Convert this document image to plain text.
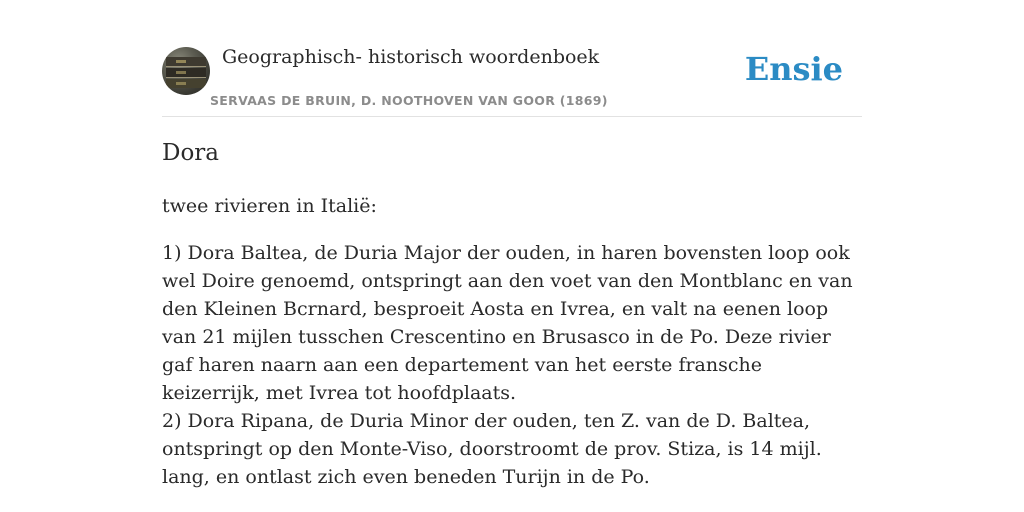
Geographisch- historisch woordenboek
SERVAAS DE BRUIN, D. NOOTHOVEN VAN GOOR (1869)
Ensie
Dora

twee rivieren in Italië:

1) Dora Baltea, de Duria Major der ouden, in haren bovensten loop ook wel Doire genoemd, ontspringt aan den voet van den Montblanc en van den Kleinen Bcrnard, besproeit Aosta en Ivrea, en valt na eenen loop van 21 mijlen tusschen Crescentino en Brusasco in de Po. Deze rivier gaf haren naarn aan een departement van het eerste fransche keizerrijk, met Ivrea tot hoofdplaats.

2) Dora Ripana, de Duria Minor der ouden, ten Z. van de D. Baltea, ontspringt op den Monte-Viso, doorstroomt de prov. Stiza, is 14 mijl. lang, en ontlast zich even beneden Turijn in de Po.
